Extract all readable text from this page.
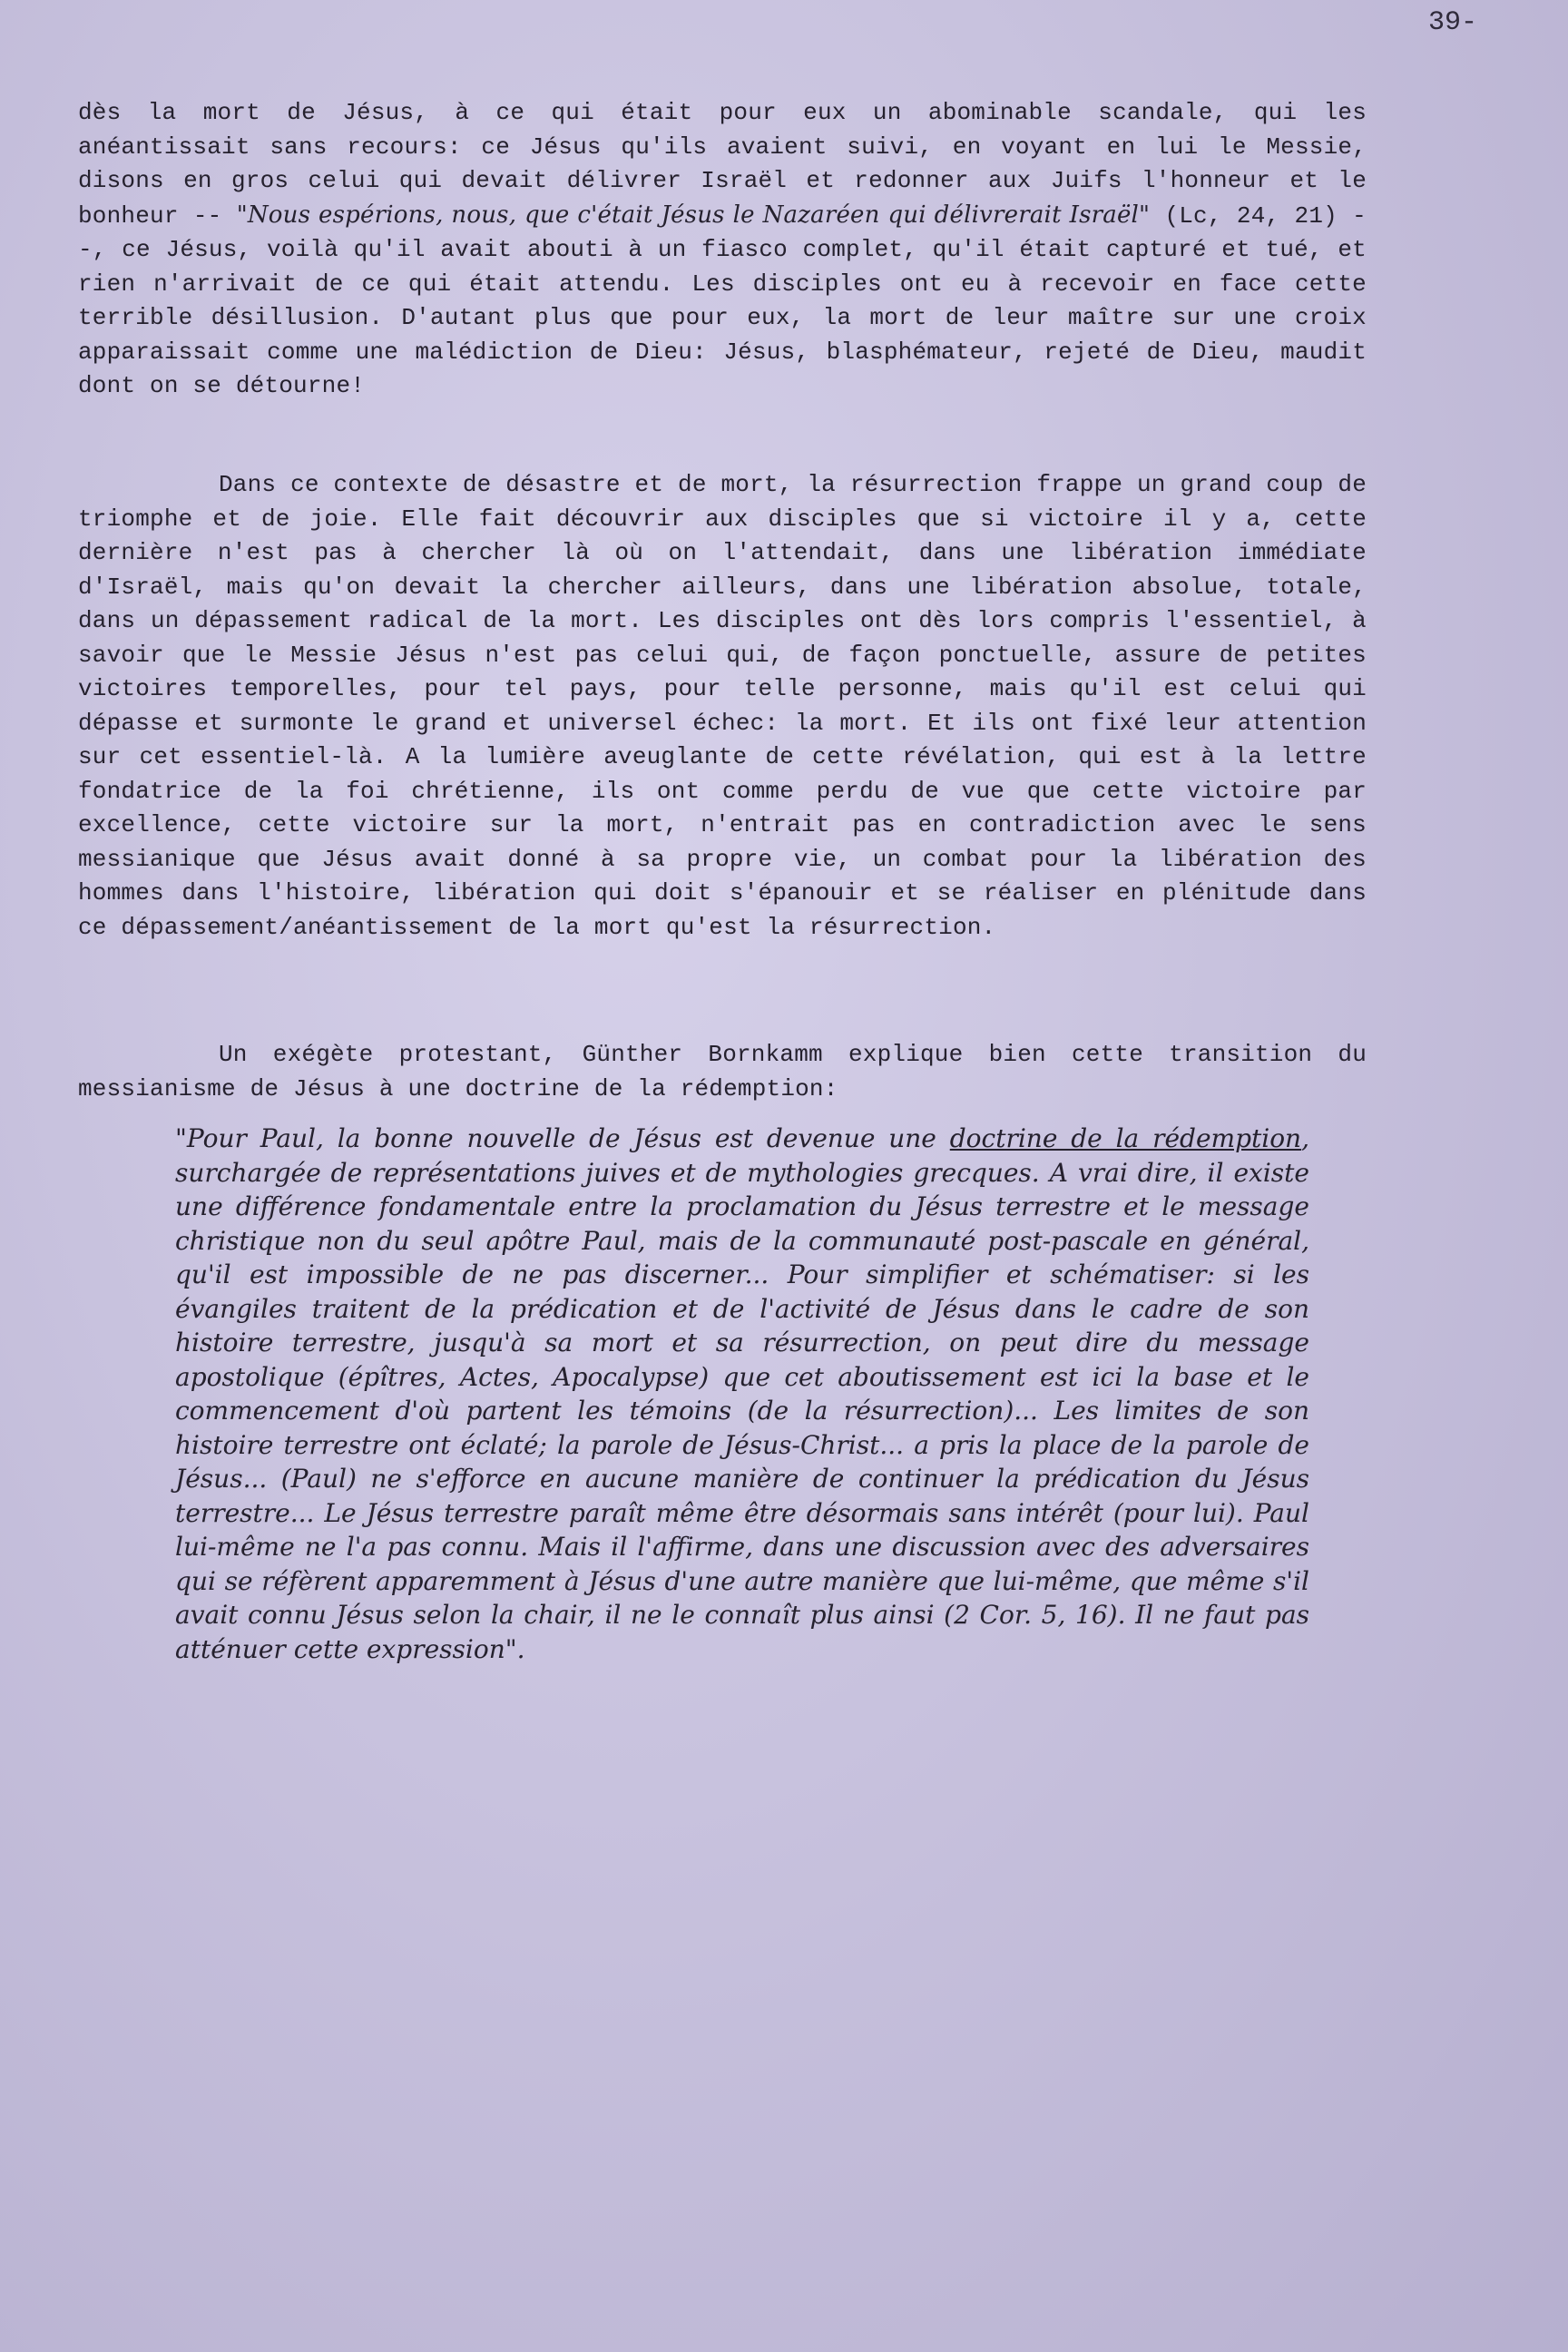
39-
dès la mort de Jésus, à ce qui était pour eux un abominable scandale, qui les anéantissait sans recours: ce Jésus qu'ils avaient suivi, en voyant en lui le Messie, disons en gros celui qui devait délivrer Israël et redonner aux Juifs l'honneur et le bonheur -- "Nous espérions, nous, que c'était Jésus le Nazaréen qui délivrerait Israël" (Lc, 24, 21) --, ce Jésus, voilà qu'il avait abouti à un fiasco complet, qu'il était capturé et tué, et rien n'arrivait de ce qui était attendu. Les disciples ont eu à recevoir en face cette terrible désillusion. D'autant plus que pour eux, la mort de leur maître sur une croix apparaissait comme une malédiction de Dieu: Jésus, blasphémateur, rejeté de Dieu, maudit dont on se détourne!
Dans ce contexte de désastre et de mort, la résurrection frappe un grand coup de triomphe et de joie. Elle fait découvrir aux disciples que si victoire il y a, cette dernière n'est pas à chercher là où on l'attendait, dans une libération immédiate d'Israël, mais qu'on devait la chercher ailleurs, dans une libération absolue, totale, dans un dépassement radical de la mort. Les disciples ont dès lors compris l'essentiel, à savoir que le Messie Jésus n'est pas celui qui, de façon ponctuelle, assure de petites victoires temporelles, pour tel pays, pour telle personne, mais qu'il est celui qui dépasse et surmonte le grand et universel échec: la mort. Et ils ont fixé leur attention sur cet essentiel-là. A la lumière aveuglante de cette révélation, qui est à la lettre fondatrice de la foi chrétienne, ils ont comme perdu de vue que cette victoire par excellence, cette victoire sur la mort, n'entrait pas en contradiction avec le sens messianique que Jésus avait donné à sa propre vie, un combat pour la libération des hommes dans l'histoire, libération qui doit s'épanouir et se réaliser en plénitude dans ce dépassement/anéantissement de la mort qu'est la résurrection.
Un exégète protestant, Günther Bornkamm explique bien cette transition du messianisme de Jésus à une doctrine de la rédemption:
"Pour Paul, la bonne nouvelle de Jésus est devenue une doctrine de la rédemption, surchargée de représentations juives et de mythologies grecques. A vrai dire, il existe une différence fondamentale entre la proclamation du Jésus terrestre et le message christique non du seul apôtre Paul, mais de la communauté post-pascale en général, qu'il est impossible de ne pas discerner... Pour simplifier et schématiser: si les évangiles traitent de la prédication et de l'activité de Jésus dans le cadre de son histoire terrestre, jusqu'à sa mort et sa résurrection, on peut dire du message apostolique (épîtres, Actes, Apocalypse) que cet aboutissement est ici la base et le commencement d'où partent les témoins (de la résurrection)... Les limites de son histoire terrestre ont éclaté; la parole de Jésus-Christ... a pris la place de la parole de Jésus... (Paul) ne s'efforce en aucune manière de continuer la prédication du Jésus terrestre... Le Jésus terrestre paraît même être désormais sans intérêt (pour lui). Paul lui-même ne l'a pas connu. Mais il l'affirme, dans une discussion avec des adversaires qui se réfèrent apparemment à Jésus d'une autre manière que lui-même, que même s'il avait connu Jésus selon la chair, il ne le connaît plus ainsi (2 Cor. 5, 16). Il ne faut pas atténuer cette expression".
